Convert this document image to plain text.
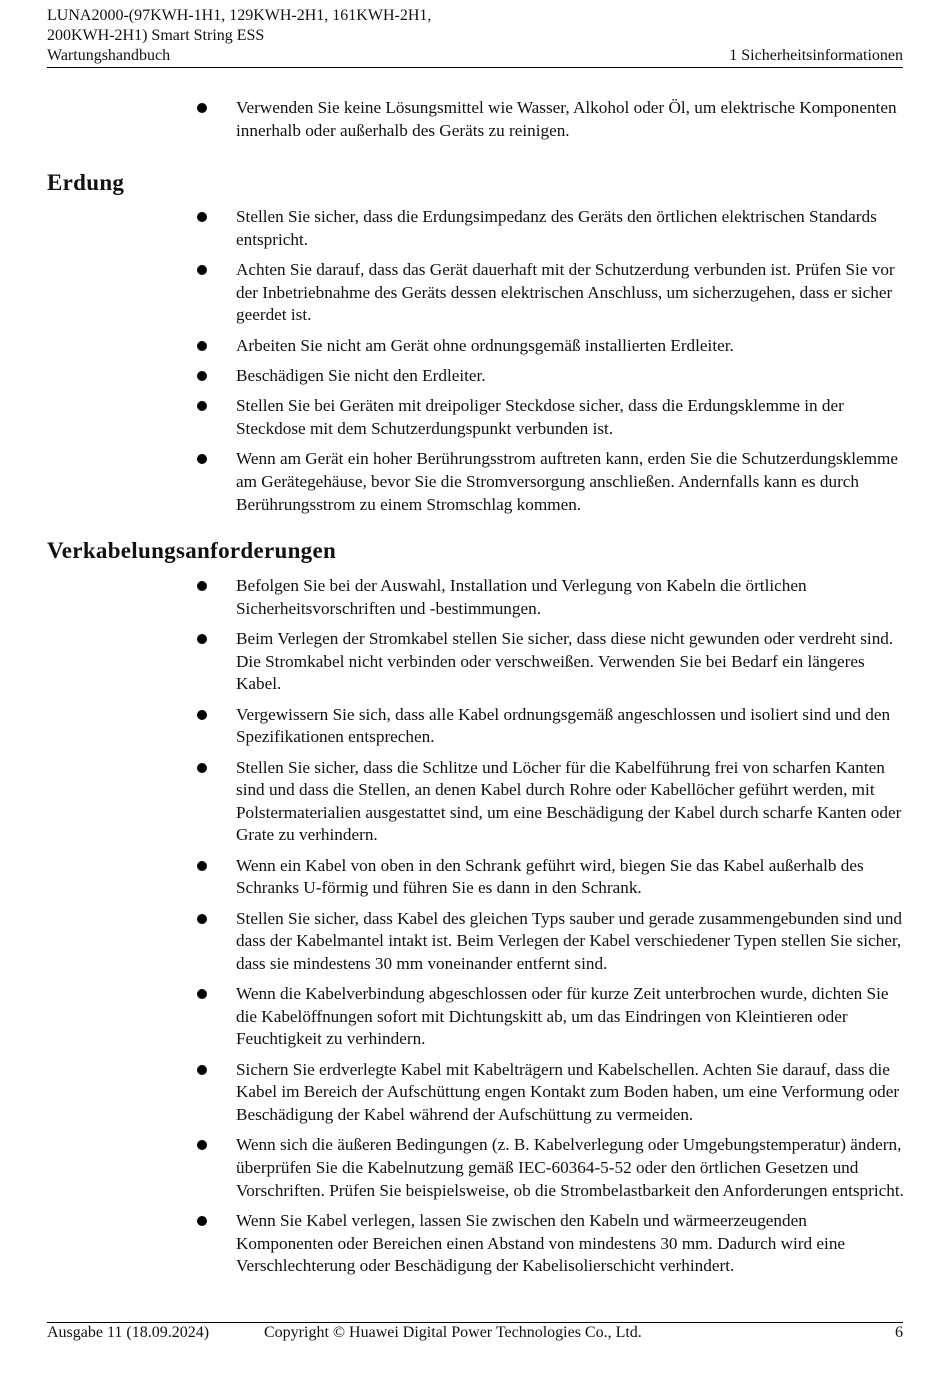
LUNA2000-(97KWH-1H1, 129KWH-2H1, 161KWH-2H1,
200KWH-2H1) Smart String ESS
Wartungshandbuch	1 Sicherheitsinformationen
Verwenden Sie keine Lösungsmittel wie Wasser, Alkohol oder Öl, um elektrische Komponenten innerhalb oder außerhalb des Geräts zu reinigen.
Erdung
Stellen Sie sicher, dass die Erdungsimpedanz des Geräts den örtlichen elektrischen Standards entspricht.
Achten Sie darauf, dass das Gerät dauerhaft mit der Schutzerdung verbunden ist. Prüfen Sie vor der Inbetriebnahme des Geräts dessen elektrischen Anschluss, um sicherzugehen, dass er sicher geerdet ist.
Arbeiten Sie nicht am Gerät ohne ordnungsgemäß installierten Erdleiter.
Beschädigen Sie nicht den Erdleiter.
Stellen Sie bei Geräten mit dreipoliger Steckdose sicher, dass die Erdungsklemme in der Steckdose mit dem Schutzerdungspunkt verbunden ist.
Wenn am Gerät ein hoher Berührungsstrom auftreten kann, erden Sie die Schutzerdungsklemme am Gerätegehäuse, bevor Sie die Stromversorgung anschließen. Andernfalls kann es durch Berührungsstrom zu einem Stromschlag kommen.
Verkabelungsanforderungen
Befolgen Sie bei der Auswahl, Installation und Verlegung von Kabeln die örtlichen Sicherheitsvorschriften und -bestimmungen.
Beim Verlegen der Stromkabel stellen Sie sicher, dass diese nicht gewunden oder verdreht sind. Die Stromkabel nicht verbinden oder verschweißen. Verwenden Sie bei Bedarf ein längeres Kabel.
Vergewissern Sie sich, dass alle Kabel ordnungsgemäß angeschlossen und isoliert sind und den Spezifikationen entsprechen.
Stellen Sie sicher, dass die Schlitze und Löcher für die Kabelführung frei von scharfen Kanten sind und dass die Stellen, an denen Kabel durch Rohre oder Kabellöcher geführt werden, mit Polstermaterialien ausgestattet sind, um eine Beschädigung der Kabel durch scharfe Kanten oder Grate zu verhindern.
Wenn ein Kabel von oben in den Schrank geführt wird, biegen Sie das Kabel außerhalb des Schranks U-förmig und führen Sie es dann in den Schrank.
Stellen Sie sicher, dass Kabel des gleichen Typs sauber und gerade zusammengebunden sind und dass der Kabelmantel intakt ist. Beim Verlegen der Kabel verschiedener Typen stellen Sie sicher, dass sie mindestens 30 mm voneinander entfernt sind.
Wenn die Kabelverbindung abgeschlossen oder für kurze Zeit unterbrochen wurde, dichten Sie die Kabelöffnungen sofort mit Dichtungskitt ab, um das Eindringen von Kleintieren oder Feuchtigkeit zu verhindern.
Sichern Sie erdverlegte Kabel mit Kabelträgern und Kabelschellen. Achten Sie darauf, dass die Kabel im Bereich der Aufschüttung engen Kontakt zum Boden haben, um eine Verformung oder Beschädigung der Kabel während der Aufschüttung zu vermeiden.
Wenn sich die äußeren Bedingungen (z. B. Kabelverlegung oder Umgebungstemperatur) ändern, überprüfen Sie die Kabelnutzung gemäß IEC-60364-5-52 oder den örtlichen Gesetzen und Vorschriften. Prüfen Sie beispielsweise, ob die Strombelastbarkeit den Anforderungen entspricht.
Wenn Sie Kabel verlegen, lassen Sie zwischen den Kabeln und wärmeerzeugenden Komponenten oder Bereichen einen Abstand von mindestens 30 mm. Dadurch wird eine Verschlechterung oder Beschädigung der Kabelisolierschicht verhindert.
Ausgabe 11 (18.09.2024)	Copyright © Huawei Digital Power Technologies Co., Ltd.	6
